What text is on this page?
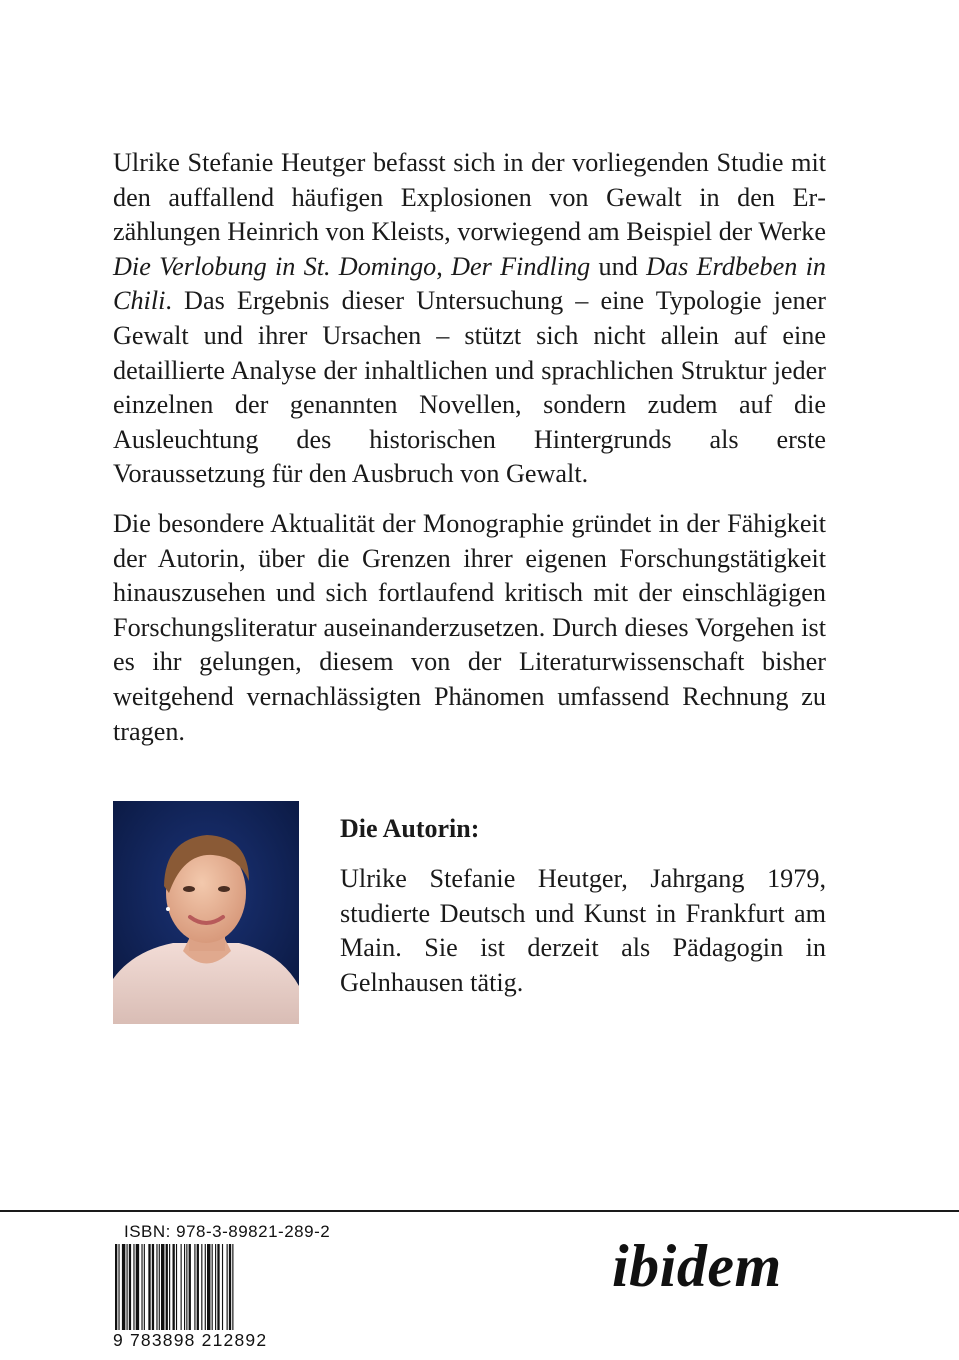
Ulrike Stefanie Heutger befasst sich in der vorliegenden Studie mit den auffallend häufigen Explosionen von Gewalt in den Erzählungen Heinrich von Kleists, vorwiegend am Beispiel der Werke Die Verlobung in St. Domingo, Der Findling und Das Erdbeben in Chili. Das Ergebnis dieser Untersuchung – eine Typologie jener Gewalt und ihrer Ursachen – stützt sich nicht allein auf eine detaillierte Analyse der inhaltlichen und sprachlichen Struktur jeder einzelnen der genannten Novellen, sondern zudem auf die Ausleuchtung des historischen Hintergrunds als erste Voraussetzung für den Ausbruch von Gewalt.

Die besondere Aktualität der Monographie gründet in der Fähigkeit der Autorin, über die Grenzen ihrer eigenen Forschungstätigkeit hinauszusehen und sich fortlaufend kritisch mit der einschlägigen Forschungsliteratur auseinanderzusetzen. Durch dieses Vorgehen ist es ihr gelungen, diesem von der Literaturwissenschaft bisher weitgehend vernachlässigten Phänomen umfassend Rechnung zu tragen.

Die Autorin:

Ulrike Stefanie Heutger, Jahrgang 1979, studierte Deutsch und Kunst in Frankfurt am Main. Sie ist derzeit als Pädagogin in Gelnhausen tätig.

ISBN: 978-3-89821-289-2
9 783898 212892
ibidem
